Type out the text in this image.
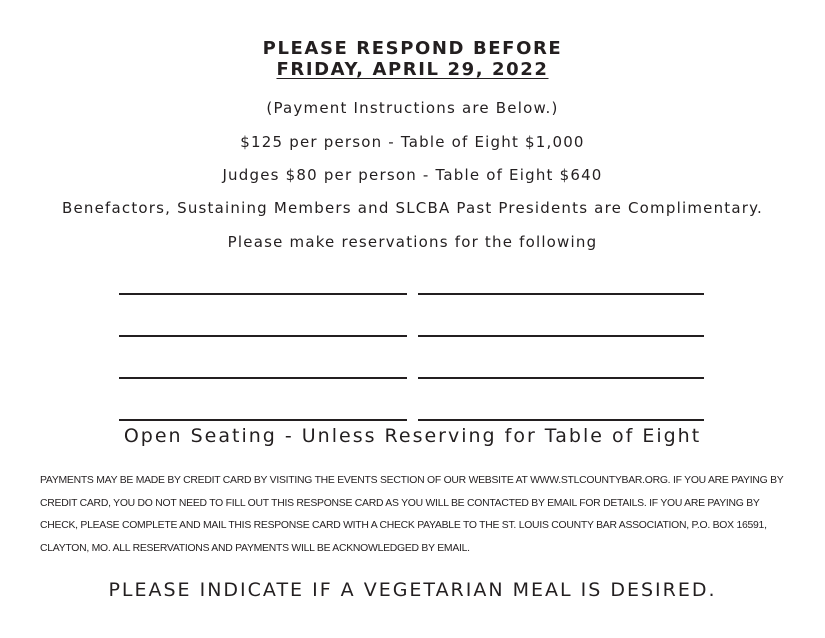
PLEASE RESPOND BEFORE
FRIDAY, APRIL 29, 2022
(Payment Instructions are Below.)
$125 per person - Table of Eight $1,000
Judges $80 per person - Table of Eight $640
Benefactors, Sustaining Members and SLCBA Past Presidents are Complimentary.
Please make reservations for the following
Open Seating - Unless Reserving for Table of Eight
PAYMENTS MAY BE MADE BY CREDIT CARD BY VISITING THE EVENTS SECTION OF OUR WEBSITE AT WWW.STLCOUNTYBAR.ORG. IF YOU ARE PAYING BY CREDIT CARD, YOU DO NOT NEED TO FILL OUT THIS RESPONSE CARD AS YOU WILL BE CONTACTED BY EMAIL FOR DETAILS. IF YOU ARE PAYING BY CHECK, PLEASE COMPLETE AND MAIL THIS RESPONSE CARD WITH A CHECK PAYABLE TO THE ST. LOUIS COUNTY BAR ASSOCIATION, P.O. BOX 16591, CLAYTON, MO. ALL RESERVATIONS AND PAYMENTS WILL BE ACKNOWLEDGED BY EMAIL.
PLEASE INDICATE IF A VEGETARIAN MEAL IS DESIRED.
